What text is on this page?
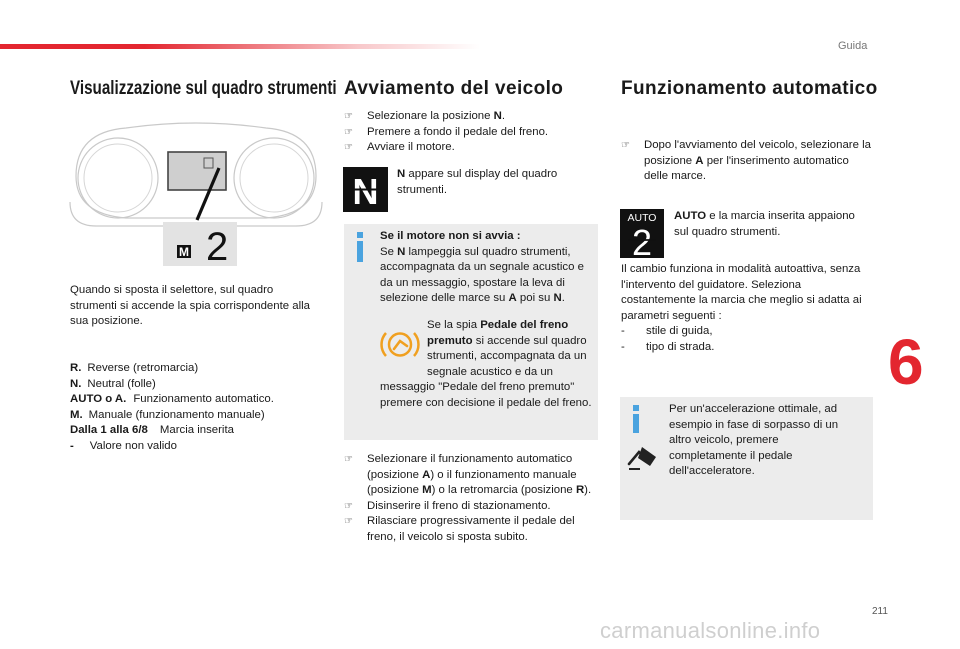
Guida
6
Visualizzazione sul quadro strumenti
M 2
Quando si sposta il selettore, sul quadro strumenti si accende la spia corrispondente alla sua posizione.
R. Reverse (retromarcia)
N. Neutral (folle)
AUTO o A. Funzionamento automatico.
M. Manuale (funzionamento manuale)
Dalla 1 alla 6/8 Marcia inserita
- Valore non valido
Avviamento del veicolo
☞ Selezionare la posizione N.
☞ Premere a fondo il pedale del freno.
☞ Avviare il motore.
N N appare sul display del quadro strumenti.
Se il motore non si avvia :
Se N lampeggia sul quadro strumenti, accompagnata da un segnale acustico e da un messaggio, spostare la leva di selezione delle marce su A poi su N.
Se la spia Pedale del freno premuto si accende sul quadro strumenti, accompagnata da un segnale acustico e da un messaggio "Pedale del freno premuto" premere con decisione il pedale del freno.
☞ Selezionare il funzionamento automatico (posizione A) o il funzionamento manuale (posizione M) o la retromarcia (posizione R).
☞ Disinserire il freno di stazionamento.
☞ Rilasciare progressivamente il pedale del freno, il veicolo si sposta subito.
Funzionamento automatico
☞ Dopo l'avviamento del veicolo, selezionare la posizione A per l'inserimento automatico delle marce.
AUTO
2
AUTO e la marcia inserita appaiono sul quadro strumenti.
Il cambio funziona in modalità autoattiva, senza l'intervento del guidatore. Seleziona costantemente la marcia che meglio si adatta ai parametri seguenti :
- stile di guida,
- tipo di strada.
Per un'accelerazione ottimale, ad esempio in fase di sorpasso di un altro veicolo, premere completamente il pedale dell'acceleratore.
211
carmanualsonline.info
